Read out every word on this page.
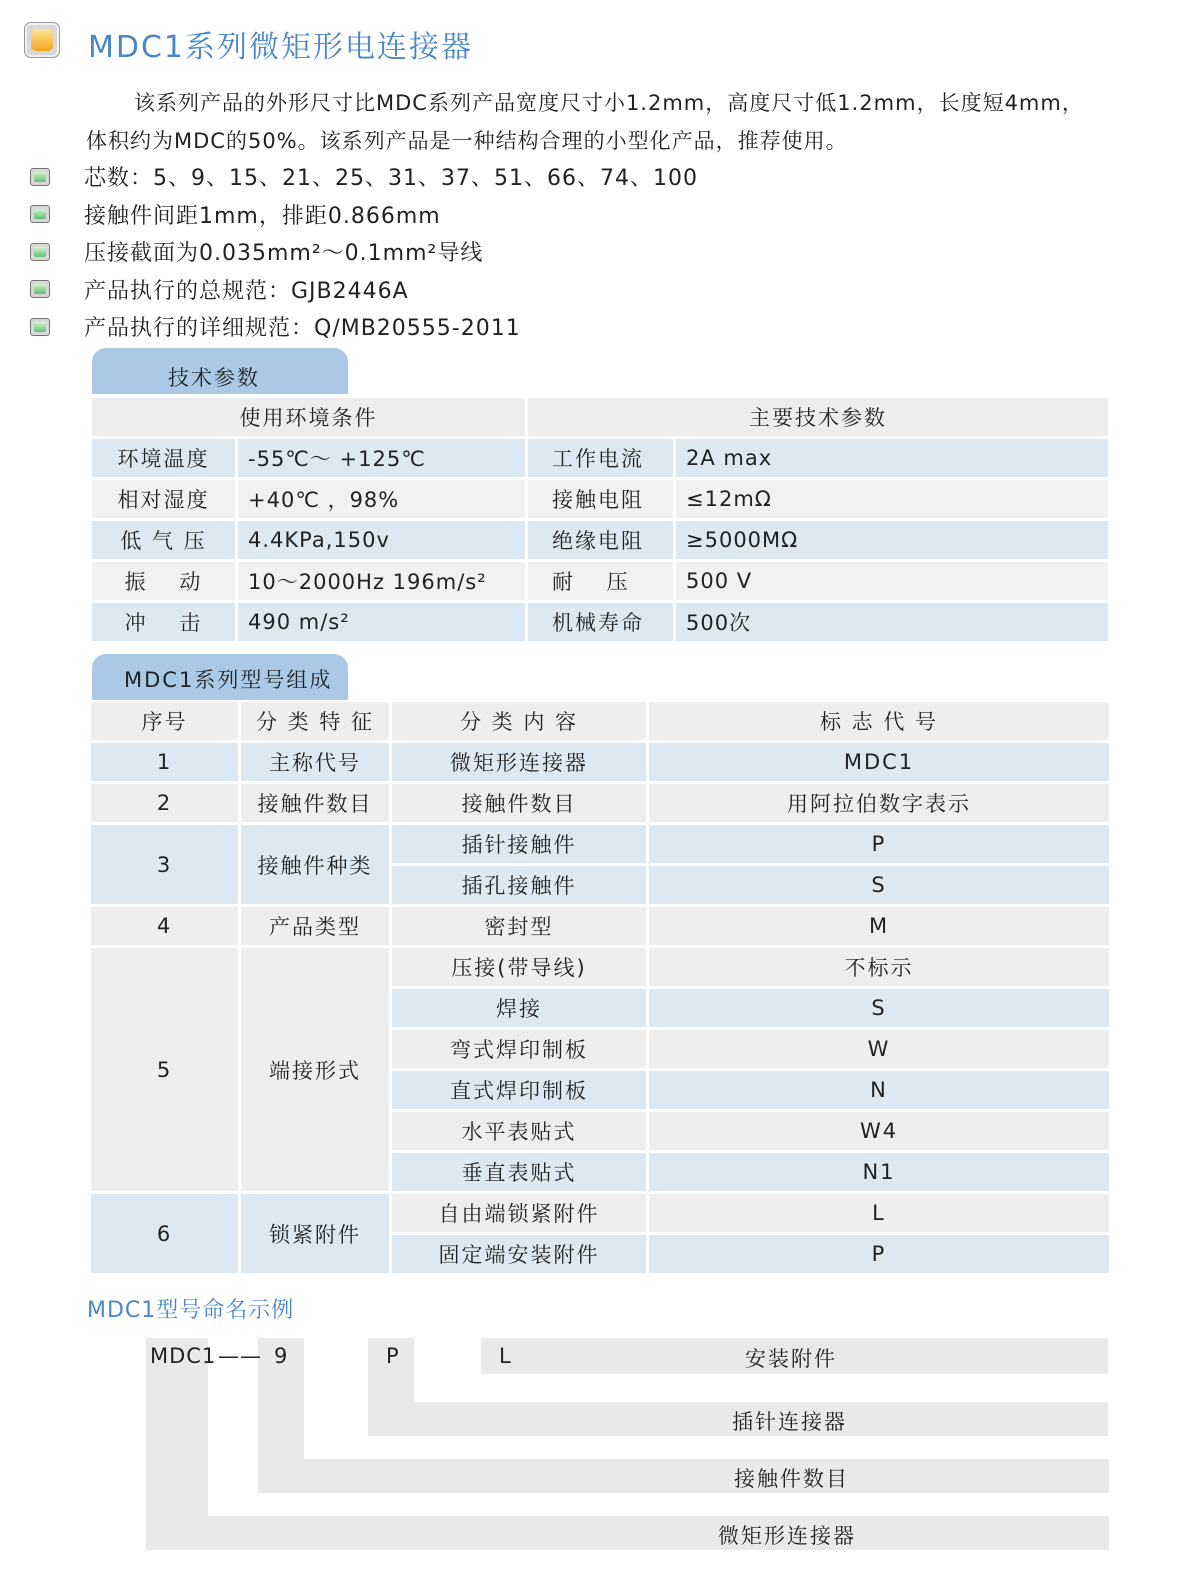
MDC1系列微矩形电连接器

该系列产品的外形尺寸比MDC系列产品宽度尺寸小1.2mm，高度尺寸低1.2mm，长度短4mm，

体积约为MDC的50%。该系列产品是一种结构合理的小型化产品，推荐使用。

芯数：5、9、15、21、25、31、37、51、66、74、100
接触件间距1mm，排距0.866mm
压接截面为0.035mm²～0.1mm²导线
产品执行的总规范：GJB2446A
产品执行的详细规范：Q/MB20555-2011
技术参数
使用环境条件		主要技术参数	
环境温度	-55℃～ +125℃	工作电流	2A max
相对湿度	+40℃ ，98%	接触电阻	≤12mΩ
低 气 压	4.4KPa,150v	绝缘电阻	≥5000MΩ
振　 动	10～2000Hz 196m/s²	耐　 压	500 V
冲　 击	490 m/s²	机械寿命	500次
MDC1系列型号组成
序号	分 类 特 征	分 类 内 容	标 志 代 号
1	主称代号	微矩形连接器	MDC1
2	接触件数目	接触件数目	用阿拉伯数字表示
3	接触件种类	插针接触件	P
		插孔接触件	S
4	产品类型	密封型	M
5	端接形式	压接(带导线)	不标示
		焊接	S
		弯式焊印制板	W
		直式焊印制板	N
		水平表贴式	W4
		垂直表贴式	N1
6	锁紧附件	自由端锁紧附件	L
		固定端安装附件	P
MDC1型号命名示例
MDC1 —— 9	P	L	安装附件
插针连接器
接触件数目
微矩形连接器
